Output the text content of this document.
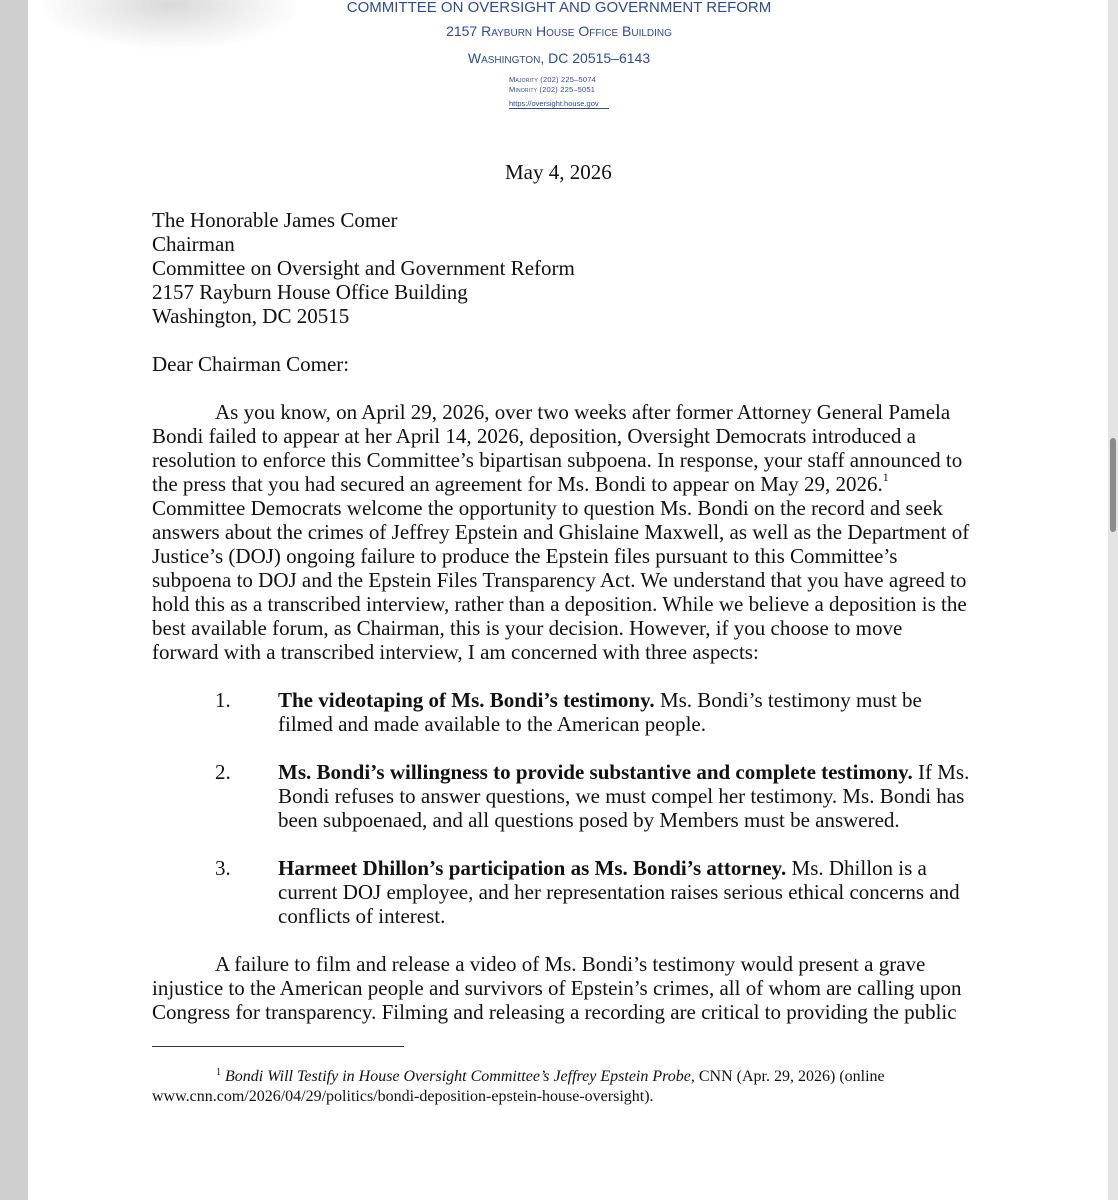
COMMITTEE ON OVERSIGHT AND GOVERNMENT REFORM
2157 Rayburn House Office Building
Washington, DC 20515–6143
Majority (202) 225–5074
Minority (202) 225–5051
https://oversight.house.gov
May 4, 2026
The Honorable James Comer
Chairman
Committee on Oversight and Government Reform
2157 Rayburn House Office Building
Washington, DC 20515
Dear Chairman Comer:
As you know, on April 29, 2026, over two weeks after former Attorney General Pamela
Bondi failed to appear at her April 14, 2026, deposition, Oversight Democrats introduced a
resolution to enforce this Committee’s bipartisan subpoena. In response, your staff announced to
the press that you had secured an agreement for Ms. Bondi to appear on May 29, 2026.$^1$
Committee Democrats welcome the opportunity to question Ms. Bondi on the record and seek
answers about the crimes of Jeffrey Epstein and Ghislaine Maxwell, as well as the Department of
Justice’s (DOJ) ongoing failure to produce the Epstein files pursuant to this Committee’s
subpoena to DOJ and the Epstein Files Transparency Act. We understand that you have agreed to
hold this as a transcribed interview, rather than a deposition. While we believe a deposition is the
best available forum, as Chairman, this is your decision. However, if you choose to move
forward with a transcribed interview, I am concerned with three aspects:
1. The videotaping of Ms. Bondi’s testimony. Ms. Bondi’s testimony must be
filmed and made available to the American people.
2. Ms. Bondi’s willingness to provide substantive and complete testimony. If Ms.
Bondi refuses to answer questions, we must compel her testimony. Ms. Bondi has
been subpoenaed, and all questions posed by Members must be answered.
3. Harmeet Dhillon’s participation as Ms. Bondi’s attorney. Ms. Dhillon is a
current DOJ employee, and her representation raises serious ethical concerns and
conflicts of interest.
A failure to film and release a video of Ms. Bondi’s testimony would present a grave
injustice to the American people and survivors of Epstein’s crimes, all of whom are calling upon
Congress for transparency. Filming and releasing a recording are critical to providing the public
$^1$ Bondi Will Testify in House Oversight Committee’s Jeffrey Epstein Probe, CNN (Apr. 29, 2026) (online
www.cnn.com/2026/04/29/politics/bondi-deposition-epstein-house-oversight).
